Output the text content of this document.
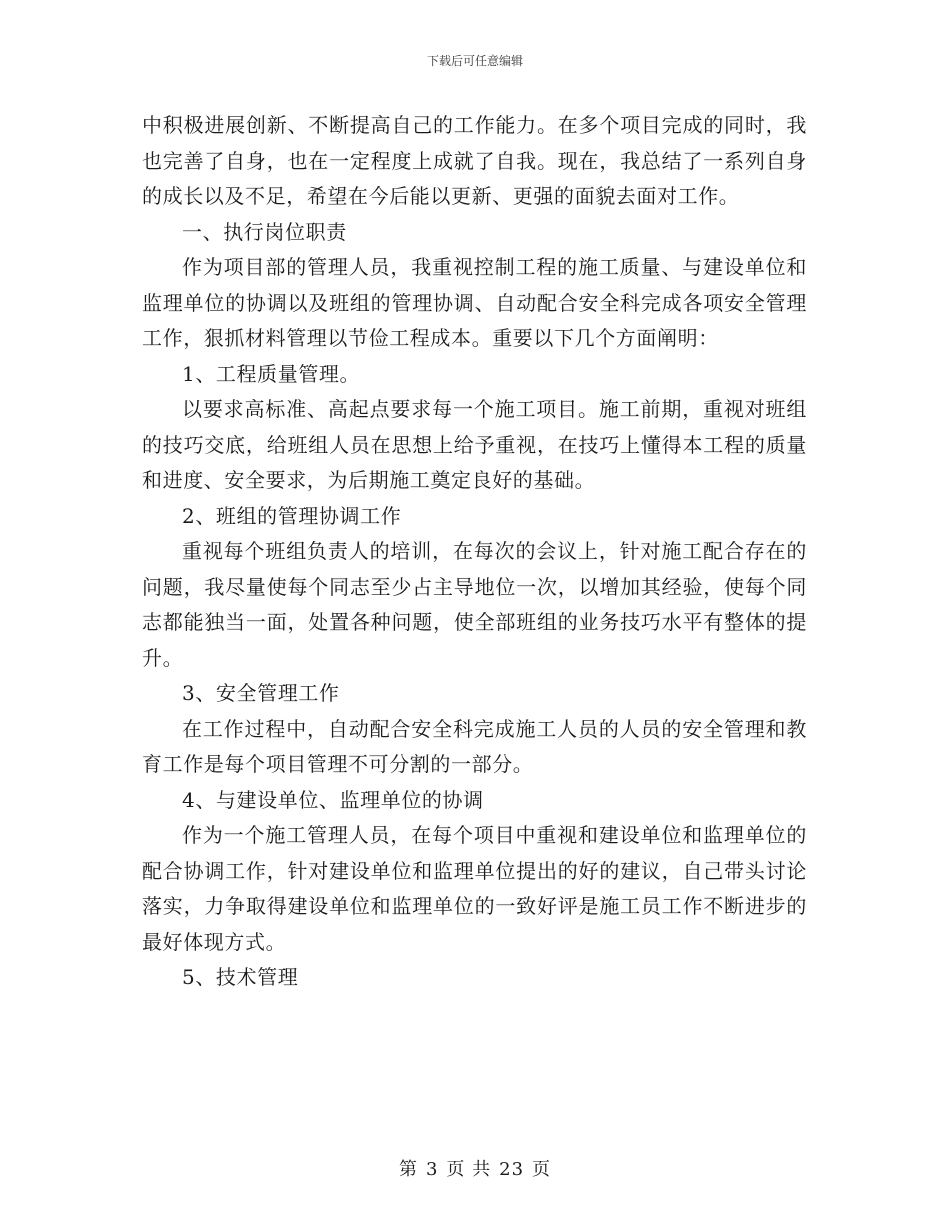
下载后可任意编辑

中积极进展创新、不断提高自己的工作能力。在多个项目完成的同时，我也完善了自身，也在一定程度上成就了自我。现在，我总结了一系列自身的成长以及不足，希望在今后能以更新、更强的面貌去面对工作。

一、执行岗位职责

作为项目部的管理人员，我重视控制工程的施工质量、与建设单位和监理单位的协调以及班组的管理协调、自动配合安全科完成各项安全管理工作，狠抓材料管理以节俭工程成本。重要以下几个方面阐明：

1、工程质量管理。

以要求高标准、高起点要求每一个施工项目。施工前期，重视对班组的技巧交底，给班组人员在思想上给予重视，在技巧上懂得本工程的质量和进度、安全要求，为后期施工奠定良好的基础。

2、班组的管理协调工作

重视每个班组负责人的培训，在每次的会议上，针对施工配合存在的问题，我尽量使每个同志至少占主导地位一次，以增加其经验，使每个同志都能独当一面，处置各种问题，使全部班组的业务技巧水平有整体的提升。

3、安全管理工作

在工作过程中，自动配合安全科完成施工人员的人员的安全管理和教育工作是每个项目管理不可分割的一部分。

4、与建设单位、监理单位的协调

作为一个施工管理人员，在每个项目中重视和建设单位和监理单位的配合协调工作，针对建设单位和监理单位提出的好的建议，自己带头讨论落实，力争取得建设单位和监理单位的一致好评是施工员工作不断进步的最好体现方式。

5、技术管理

第 3 页 共 23 页
